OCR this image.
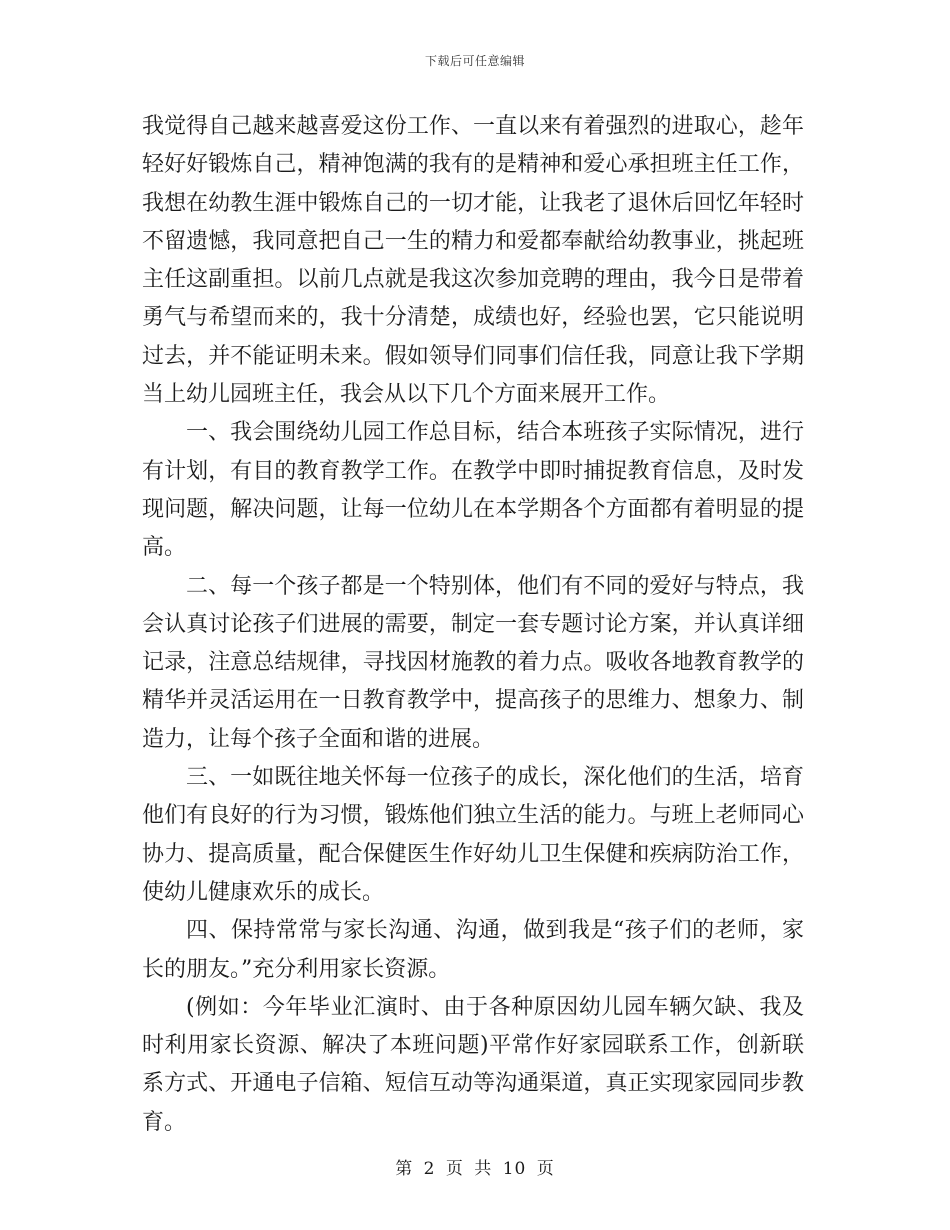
下载后可任意编辑

我觉得自己越来越喜爱这份工作、一直以来有着强烈的进取心，趁年轻好好锻炼自己，精神饱满的我有的是精神和爱心承担班主任工作，我想在幼教生涯中锻炼自己的一切才能，让我老了退休后回忆年轻时不留遗憾，我同意把自己一生的精力和爱都奉献给幼教事业，挑起班主任这副重担。以前几点就是我这次参加竞聘的理由，我今日是带着勇气与希望而来的，我十分清楚，成绩也好，经验也罢，它只能说明过去，并不能证明未来。假如领导们同事们信任我，同意让我下学期当上幼儿园班主任，我会从以下几个方面来展开工作。

一、我会围绕幼儿园工作总目标，结合本班孩子实际情况，进行有计划，有目的教育教学工作。在教学中即时捕捉教育信息，及时发现问题，解决问题，让每一位幼儿在本学期各个方面都有着明显的提高。

二、每一个孩子都是一个特别体，他们有不同的爱好与特点，我会认真讨论孩子们进展的需要，制定一套专题讨论方案，并认真详细记录，注意总结规律，寻找因材施教的着力点。吸收各地教育教学的精华并灵活运用在一日教育教学中，提高孩子的思维力、想象力、制造力，让每个孩子全面和谐的进展。

三、一如既往地关怀每一位孩子的成长，深化他们的生活，培育他们有良好的行为习惯，锻炼他们独立生活的能力。与班上老师同心协力、提高质量，配合保健医生作好幼儿卫生保健和疾病防治工作，使幼儿健康欢乐的成长。

四、保持常常与家长沟通、沟通，做到我是“孩子们的老师，家长的朋友。”充分利用家长资源。

(例如：今年毕业汇演时、由于各种原因幼儿园车辆欠缺、我及时利用家长资源、解决了本班问题)平常作好家园联系工作，创新联系方式、开通电子信箱、短信互动等沟通渠道，真正实现家园同步教育。

第 2 页 共 10 页
